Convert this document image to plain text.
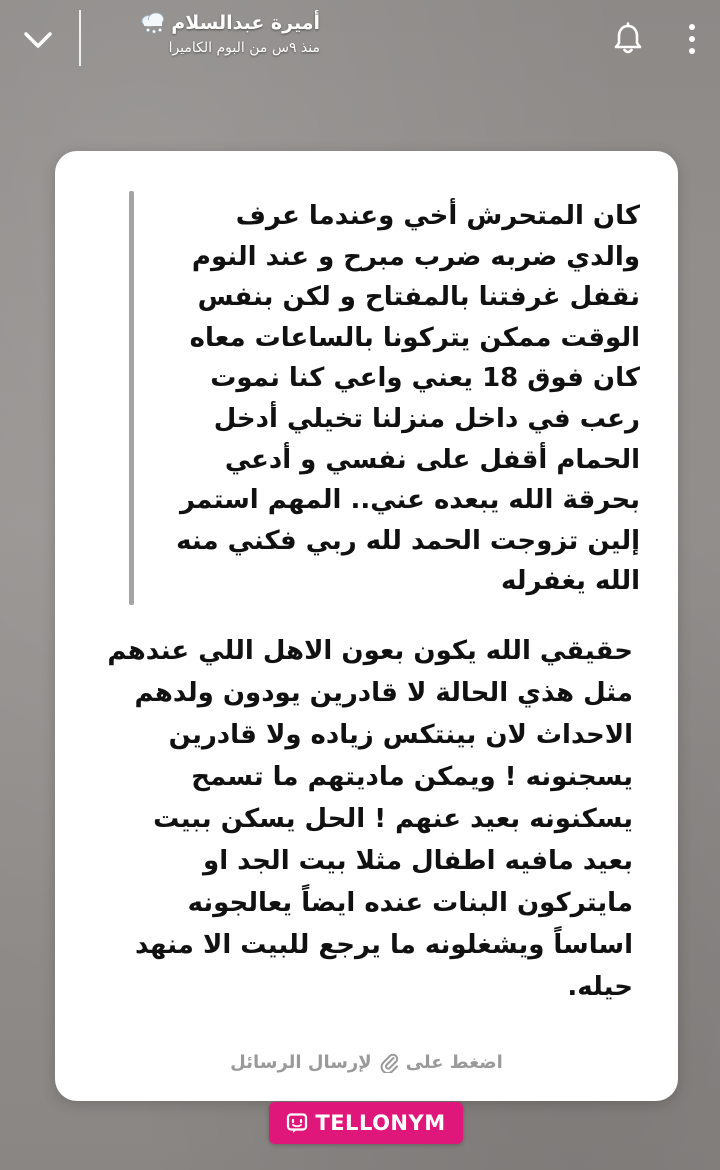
أميرة عبدالسلام
منذ ٩س من البوم الكاميرا

كان المتحرش أخي وعندما عرف
والدي ضربه ضرب مبرح و عند النوم
نقفل غرفتنا بالمفتاح و لكن بنفس
الوقت ممكن يتركونا بالساعات معاه
كان فوق 18 يعني واعي كنا نموت
رعب في داخل منزلنا تخيلي أدخل
الحمام أقفل على نفسي و أدعي
بحرقة الله يبعده عني.. المهم استمر
إلين تزوجت الحمد لله ربي فكني منه
الله يغفرله

حقيقي الله يكون بعون الاهل اللي عندهم
مثل هذي الحالة لا قادرين يودون ولدهم
الاحداث لان بينتكس زياده ولا قادرين
يسجنونه ! ويمكن ماديتهم ما تسمح
يسكنونه بعيد عنهم ! الحل يسكن ببيت
بعيد مافيه اطفال مثلا بيت الجد او
مايتركون البنات عنده ايضاً يعالجونه
اساساً ويشغلونه ما يرجع للبيت الا منهد
حيله.

اضغط على
لإرسال الرسائل
TELLONYM
